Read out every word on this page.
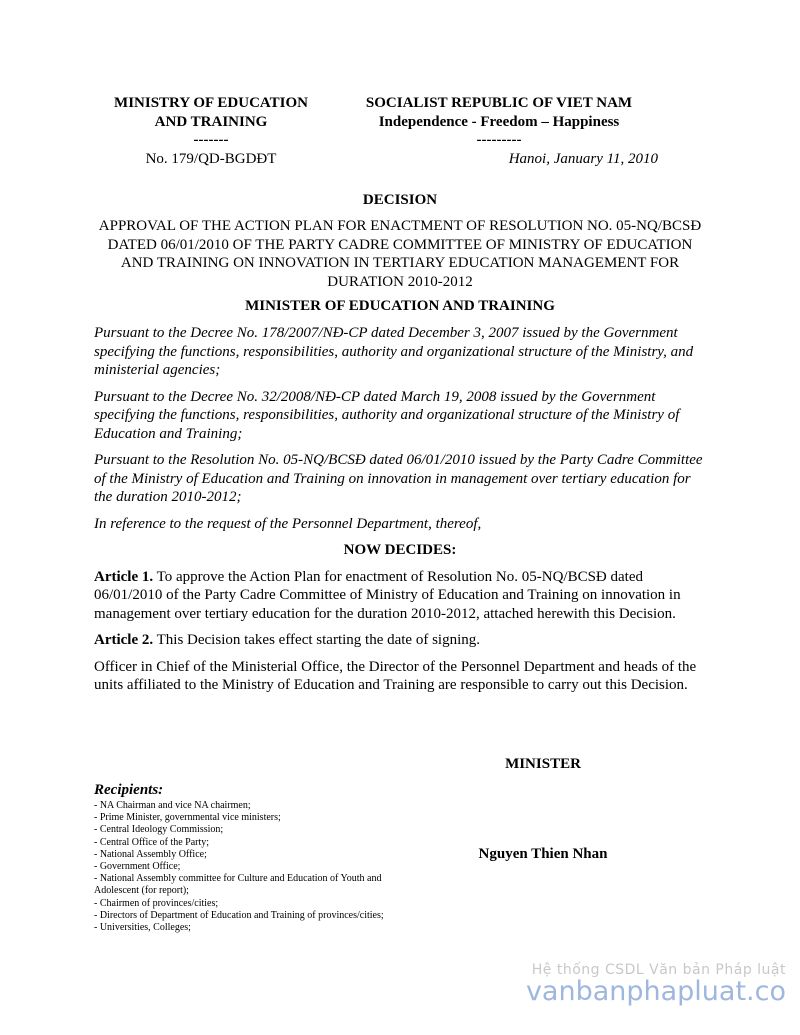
MINISTRY OF EDUCATION
AND TRAINING
-------
No. 179/QD-BGDĐT
SOCIALIST REPUBLIC OF VIET NAM
Independence - Freedom – Happiness
---------
Hanoi, January 11, 2010
DECISION
APPROVAL OF THE ACTION PLAN FOR ENACTMENT OF RESOLUTION NO. 05-NQ/BCSĐ DATED 06/01/2010 OF THE PARTY CADRE COMMITTEE OF MINISTRY OF EDUCATION AND TRAINING ON INNOVATION IN TERTIARY EDUCATION MANAGEMENT FOR DURATION 2010-2012
MINISTER OF EDUCATION AND TRAINING

Pursuant to the Decree No. 178/2007/NĐ-CP dated December 3, 2007 issued by the Government specifying the functions, responsibilities, authority and organizational structure of the Ministry, and ministerial agencies;

Pursuant to the Decree No. 32/2008/NĐ-CP dated March 19, 2008 issued by the Government specifying the functions, responsibilities, authority and organizational structure of the Ministry of Education and Training;

Pursuant to the Resolution No. 05-NQ/BCSĐ dated 06/01/2010 issued by the Party Cadre Committee of the Ministry of Education and Training on innovation in management over tertiary education for the duration 2010-2012;

In reference to the request of the Personnel Department, thereof,

NOW DECIDES:

Article 1. To approve the Action Plan for enactment of Resolution No. 05-NQ/BCSĐ dated 06/01/2010 of the Party Cadre Committee of Ministry of Education and Training on innovation in management over tertiary education for the duration 2010-2012, attached herewith this Decision.

Article 2. This Decision takes effect starting the date of signing.

Officer in Chief of the Ministerial Office, the Director of the Personnel Department and heads of the units affiliated to the Ministry of Education and Training are responsible to carry out this Decision.

MINISTER
Nguyen Thien Nhan
Recipients:
- NA Chairman and vice NA chairmen;
- Prime Minister, governmental vice ministers;
- Central Ideology Commission;
- Central Office of the Party;
- National Assembly Office;
- Government Office;
- National Assembly committee for Culture and Education of Youth and Adolescent (for report);
- Chairmen of provinces/cities;
- Directors of Department of Education and Training of provinces/cities;
- Universities, Colleges;
Hệ thống CSDL Văn bản Pháp luật
vanbanphapluat.co
